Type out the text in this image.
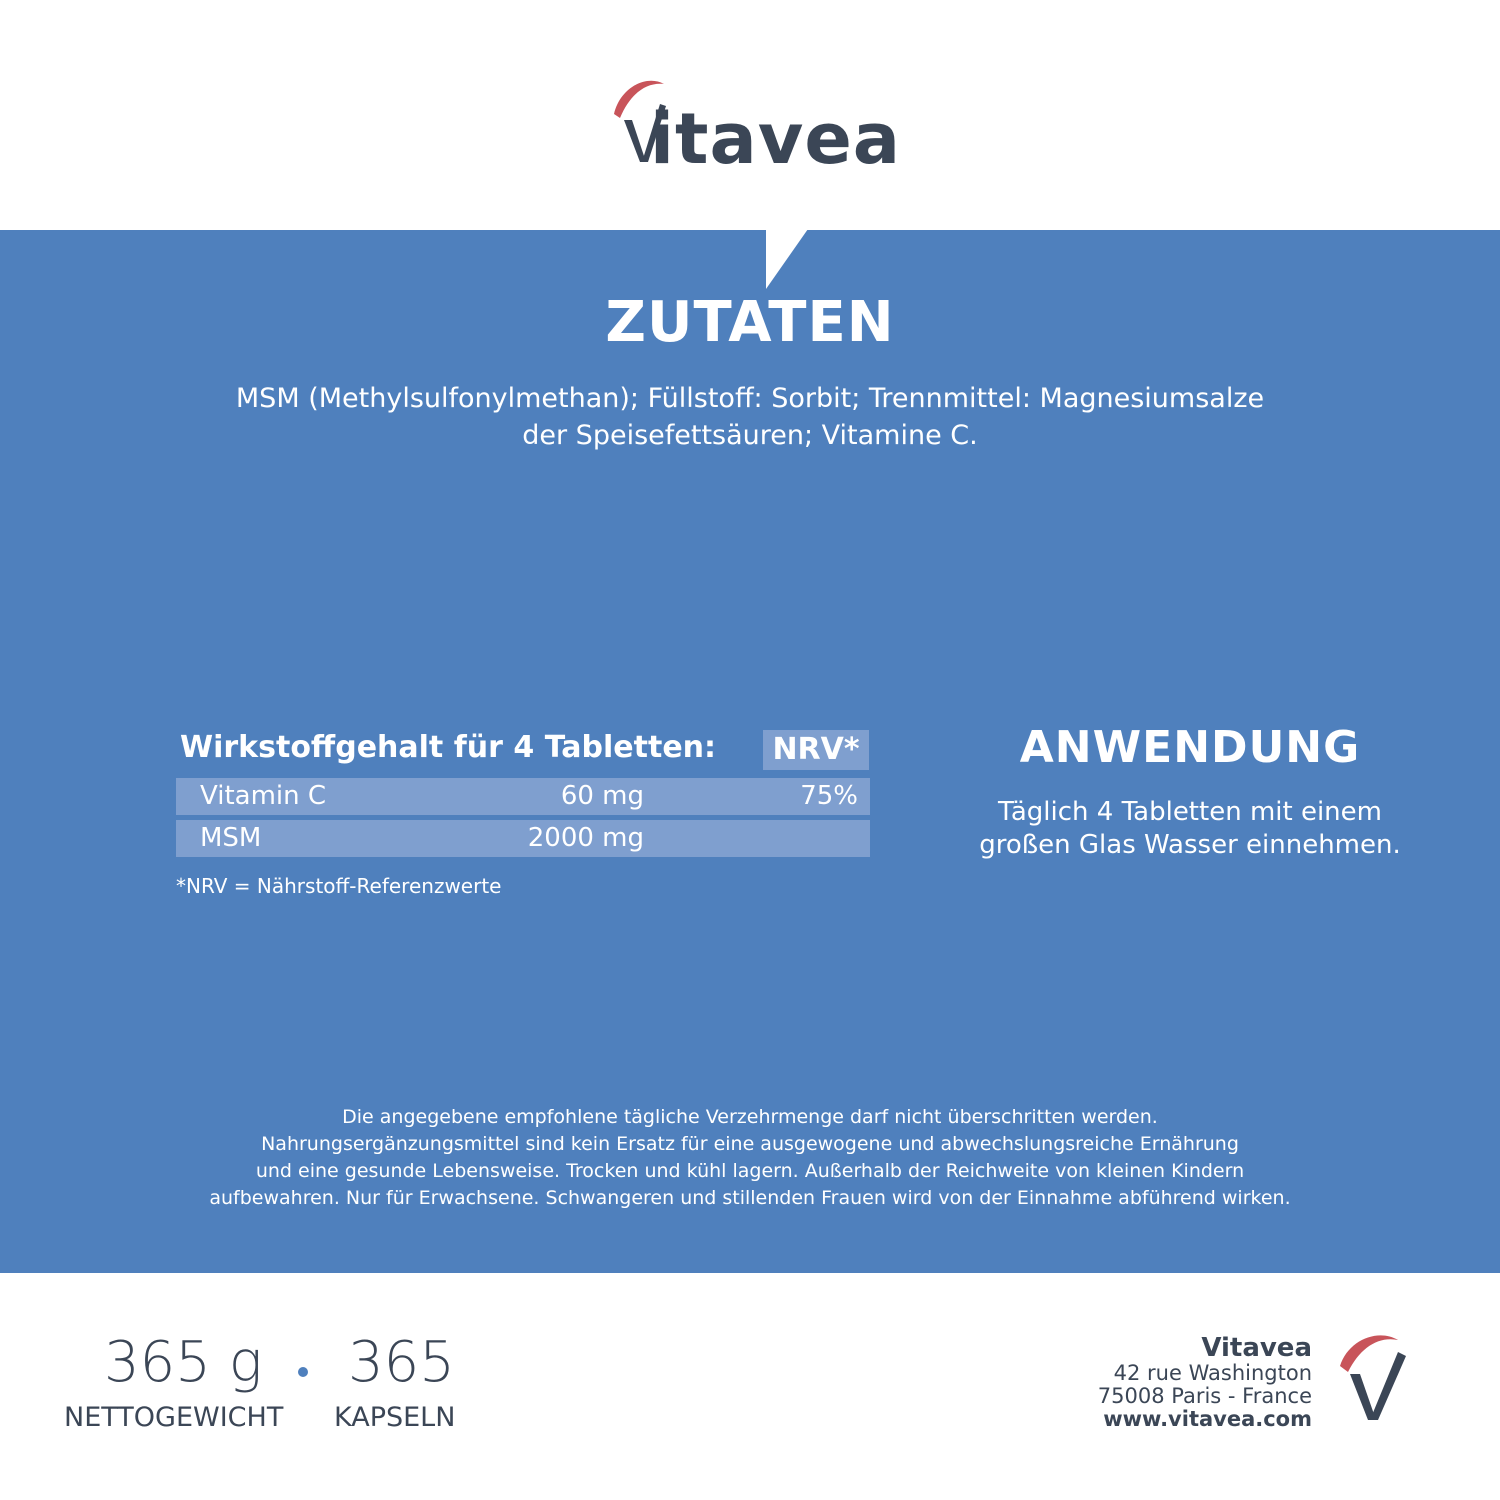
itavea
ZUTATEN
MSM (Methylsulfonylmethan); Füllstoff: Sorbit; Trennmittel: Magnesiumsalze
der Speisefettsäuren; Vitamine C.
Wirkstoffgehalt für 4 Tabletten:	NRV*
Vitamin C	60 mg	75%
MSM	2000 mg
*NRV = Nährstoff-Referenzwerte
ANWENDUNG
Täglich 4 Tabletten mit einem
großen Glas Wasser einnehmen.
Die angegebene empfohlene tägliche Verzehrmenge darf nicht überschritten werden.
Nahrungsergänzungsmittel sind kein Ersatz für eine ausgewogene und abwechslungsreiche Ernährung
und eine gesunde Lebensweise. Trocken und kühl lagern. Außerhalb der Reichweite von kleinen Kindern
aufbewahren. Nur für Erwachsene. Schwangeren und stillenden Frauen wird von der Einnahme abführend wirken.
365 g 365
NETTOGEWICHT KAPSELN
Vitavea
42 rue Washington
75008 Paris - France
www.vitavea.com
